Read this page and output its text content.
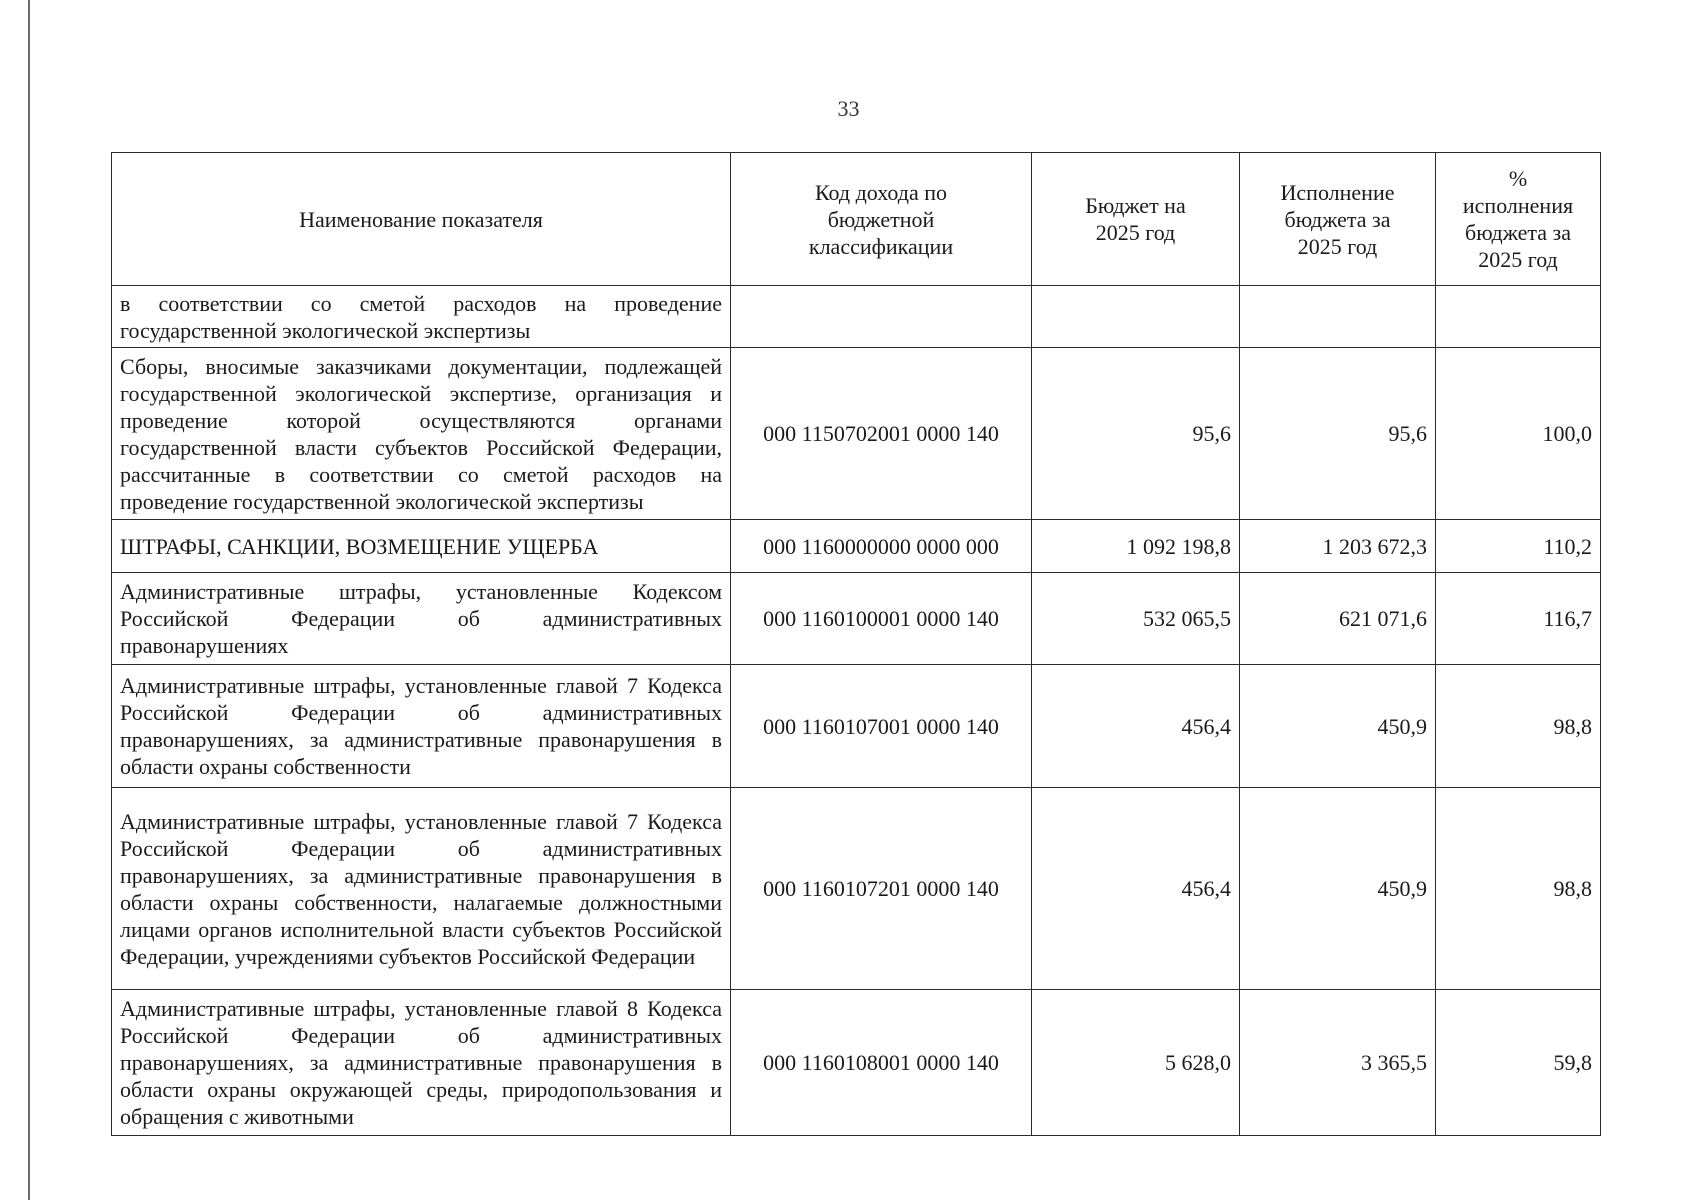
33
Наименование показателя	Код дохода по бюджетной классификации	Бюджет на 2025 год	Исполнение бюджета за 2025 год	% исполнения бюджета за 2025 год
в соответствии со сметой расходов на проведение государственной экологической экспертизы				
Сборы, вносимые заказчиками документации, подлежащей государственной экологической экспертизе, организация и проведение которой осуществляются органами государственной власти субъектов Российской Федерации, рассчитанные в соответствии со сметой расходов на проведение государственной экологической экспертизы	000 1150702001 0000 140	95,6	95,6	100,0
ШТРАФЫ, САНКЦИИ, ВОЗМЕЩЕНИЕ УЩЕРБА	000 1160000000 0000 000	1 092 198,8	1 203 672,3	110,2
Административные штрафы, установленные Кодексом Российской Федерации об административных правонарушениях	000 1160100001 0000 140	532 065,5	621 071,6	116,7
Административные штрафы, установленные главой 7 Кодекса Российской Федерации об административных правонарушениях, за административные правонарушения в области охраны собственности	000 1160107001 0000 140	456,4	450,9	98,8
Административные штрафы, установленные главой 7 Кодекса Российской Федерации об административных правонарушениях, за административные правонарушения в области охраны собственности, налагаемые должностными лицами органов исполнительной власти субъектов Российской Федерации, учреждениями субъектов Российской Федерации	000 1160107201 0000 140	456,4	450,9	98,8
Административные штрафы, установленные главой 8 Кодекса Российской Федерации об административных правонарушениях, за административные правонарушения в области охраны окружающей среды, природопользования и обращения с животными	000 1160108001 0000 140	5 628,0	3 365,5	59,8
